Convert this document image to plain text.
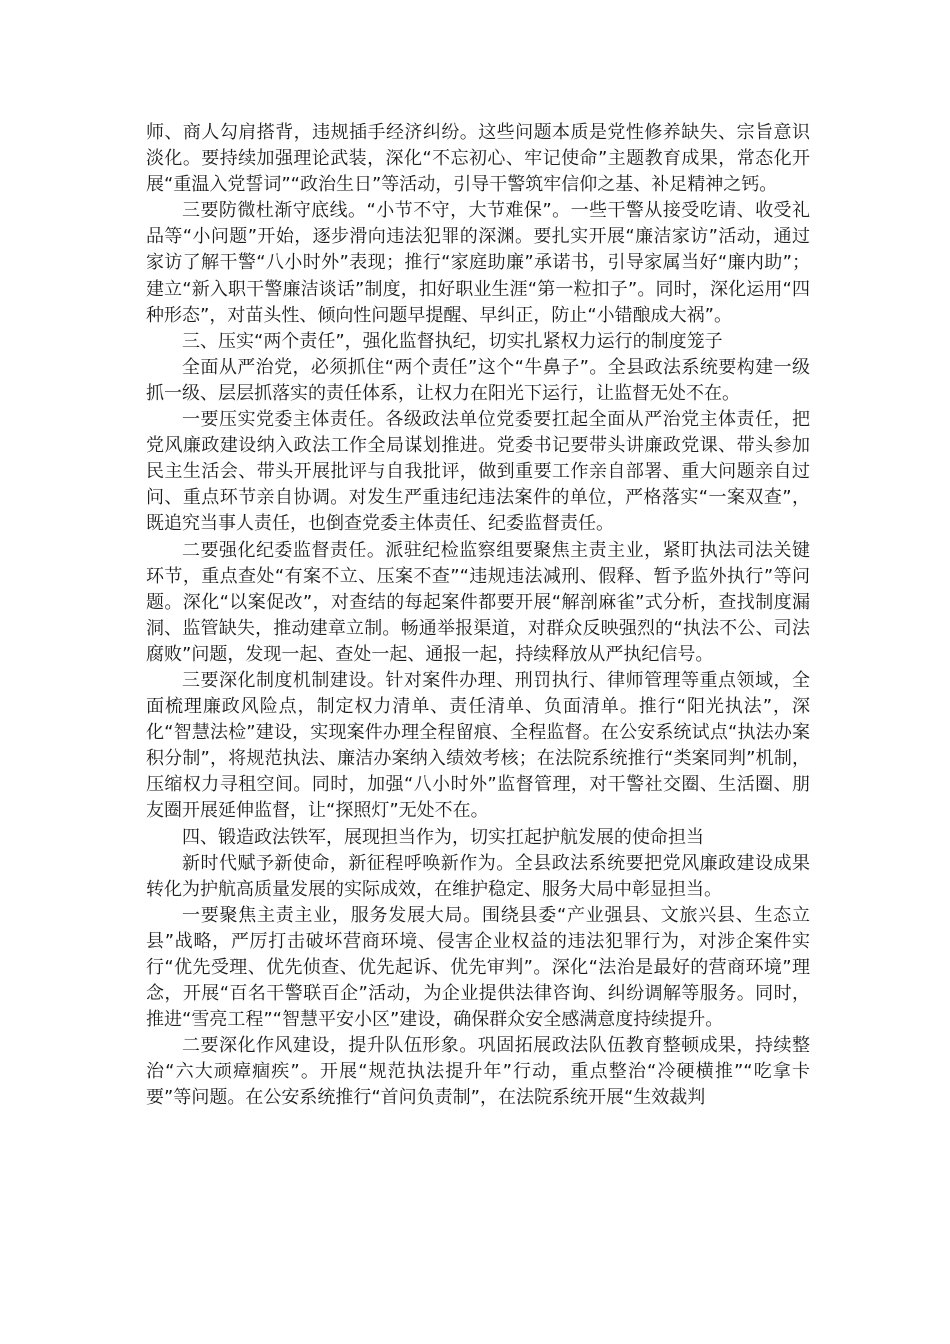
师、商人勾肩搭背，违规插手经济纠纷。这些问题本质是党性修养缺失、宗旨意识淡化。要持续加强理论武装，深化“不忘初心、牢记使命”主题教育成果，常态化开展“重温入党誓词”“政治生日”等活动，引导干警筑牢信仰之基、补足精神之钙。

三要防微杜渐守底线。“小节不守，大节难保”。一些干警从接受吃请、收受礼品等“小问题”开始，逐步滑向违法犯罪的深渊。要扎实开展“廉洁家访”活动，通过家访了解干警“八小时外”表现；推行“家庭助廉”承诺书，引导家属当好“廉内助”；建立“新入职干警廉洁谈话”制度，扣好职业生涯“第一粒扣子”。同时，深化运用“四种形态”，对苗头性、倾向性问题早提醒、早纠正，防止“小错酿成大祸”。

三、压实“两个责任”，强化监督执纪，切实扎紧权力运行的制度笼子

全面从严治党，必须抓住“两个责任”这个“牛鼻子”。全县政法系统要构建一级抓一级、层层抓落实的责任体系，让权力在阳光下运行，让监督无处不在。

一要压实党委主体责任。各级政法单位党委要扛起全面从严治党主体责任，把党风廉政建设纳入政法工作全局谋划推进。党委书记要带头讲廉政党课、带头参加民主生活会、带头开展批评与自我批评，做到重要工作亲自部署、重大问题亲自过问、重点环节亲自协调。对发生严重违纪违法案件的单位，严格落实“一案双查”，既追究当事人责任，也倒查党委主体责任、纪委监督责任。

二要强化纪委监督责任。派驻纪检监察组要聚焦主责主业，紧盯执法司法关键环节，重点查处“有案不立、压案不查”“违规违法减刑、假释、暂予监外执行”等问题。深化“以案促改”，对查结的每起案件都要开展“解剖麻雀”式分析，查找制度漏洞、监管缺失，推动建章立制。畅通举报渠道，对群众反映强烈的“执法不公、司法腐败”问题，发现一起、查处一起、通报一起，持续释放从严执纪信号。

三要深化制度机制建设。针对案件办理、刑罚执行、律师管理等重点领域，全面梳理廉政风险点，制定权力清单、责任清单、负面清单。推行“阳光执法”，深化“智慧法检”建设，实现案件办理全程留痕、全程监督。在公安系统试点“执法办案积分制”，将规范执法、廉洁办案纳入绩效考核；在法院系统推行“类案同判”机制，压缩权力寻租空间。同时，加强“八小时外”监督管理，对干警社交圈、生活圈、朋友圈开展延伸监督，让“探照灯”无处不在。

四、锻造政法铁军，展现担当作为，切实扛起护航发展的使命担当

新时代赋予新使命，新征程呼唤新作为。全县政法系统要把党风廉政建设成果转化为护航高质量发展的实际成效，在维护稳定、服务大局中彰显担当。

一要聚焦主责主业，服务发展大局。围绕县委“产业强县、文旅兴县、生态立县”战略，严厉打击破坏营商环境、侵害企业权益的违法犯罪行为，对涉企案件实行“优先受理、优先侦查、优先起诉、优先审判”。深化“法治是最好的营商环境”理念，开展“百名干警联百企”活动，为企业提供法律咨询、纠纷调解等服务。同时，推进“雪亮工程”“智慧平安小区”建设，确保群众安全感满意度持续提升。

二要深化作风建设，提升队伍形象。巩固拓展政法队伍教育整顿成果，持续整治“六大顽瘴痼疾”。开展“规范执法提升年”行动，重点整治“冷硬横推”“吃拿卡要”等问题。在公安系统推行“首问负责制”，在法院系统开展“生效裁判
